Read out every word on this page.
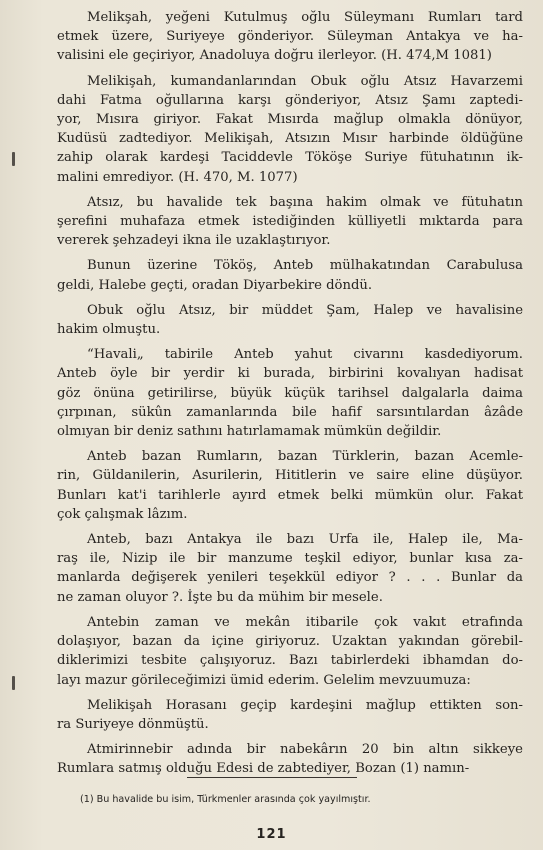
Melikşah, yeğeni Kutulmuş oğlu Süleymanı Rumları tard
etmek üzere, Suriyeye gönderiyor. Süleyman Antakya ve ha-
valisini ele geçiriyor, Anadoluya doğru ilerleyor. (H. 474,M 1081)
Melikişah, kumandanlarından Obuk oğlu Atsız Havarzemi
dahi Fatma oğullarına karşı gönderiyor, Atsız Şamı zaptedi-
yor, Mısıra giriyor. Fakat Mısırda mağlup olmakla dönüyor,
Kudüsü zadtediyor. Melikişah, Atsızın Mısır harbinde öldüğüne
zahip olarak kardeşi Taciddevle Tököşe Suriye fütuhatının ik-
malini emrediyor. (H. 470, M. 1077)
Atsız, bu havalide tek başına hakim olmak ve fütuhatın
şerefini muhafaza etmek istediğinden külliyetli mıktarda para
vererek şehzadeyi ikna ile uzaklaştırıyor.
Bunun üzerine Tököş, Anteb mülhakatından Carabulusa
geldi, Halebe geçti, oradan Diyarbekire döndü.
Obuk oğlu Atsız, bir müddet Şam, Halep ve havalisine
hakim olmuştu.
“Havali„ tabirile Anteb yahut civarını kasdediyorum.
Anteb öyle bir yerdir ki burada, birbirini kovalıyan hadisat
göz önüna getirilirse, büyük küçük tarihsel dalgalarla daima
çırpınan, sükûn zamanlarında bile hafif sarsıntılardan âzâde
olmıyan bir deniz sathını hatırlamamak mümkün değildir.
Anteb bazan Rumların, bazan Türklerin, bazan Acemle-
rin, Güldanilerin, Asurilerin, Hititlerin ve saire eline düşüyor.
Bunları kat'i tarihlerle ayırd etmek belki mümkün olur. Fakat
çok çalışmak lâzım.
Anteb, bazı Antakya ile bazı Urfa ile, Halep ile, Ma-
raş ile, Nizip ile bir manzume teşkil ediyor, bunlar kısa za-
manlarda değişerek yenileri teşekkül ediyor ? . . . Bunlar da
ne zaman oluyor ?. İşte bu da mühim bir mesele.
Antebin zaman ve mekân itibarile çok vakıt etrafında
dolaşıyor, bazan da içine giriyoruz. Uzaktan yakından görebil-
diklerimizi tesbite çalışıyoruz. Bazı tabirlerdeki ibhamdan do-
layı mazur görileceğimizi ümid ederim. Gelelim mevzuumuza:
Melikişah Horasanı geçip kardeşini mağlup ettikten son-
ra Suriyeye dönmüştü.
Atmirinnebir adında bir nabekârın 20 bin altın sikkeye
Rumlara satmış olduğu Edesi de zabtediyer, Bozan (1) namın-
(1) Bu havalide bu isim, Türkmenler arasında çok yayılmıştır.
121
